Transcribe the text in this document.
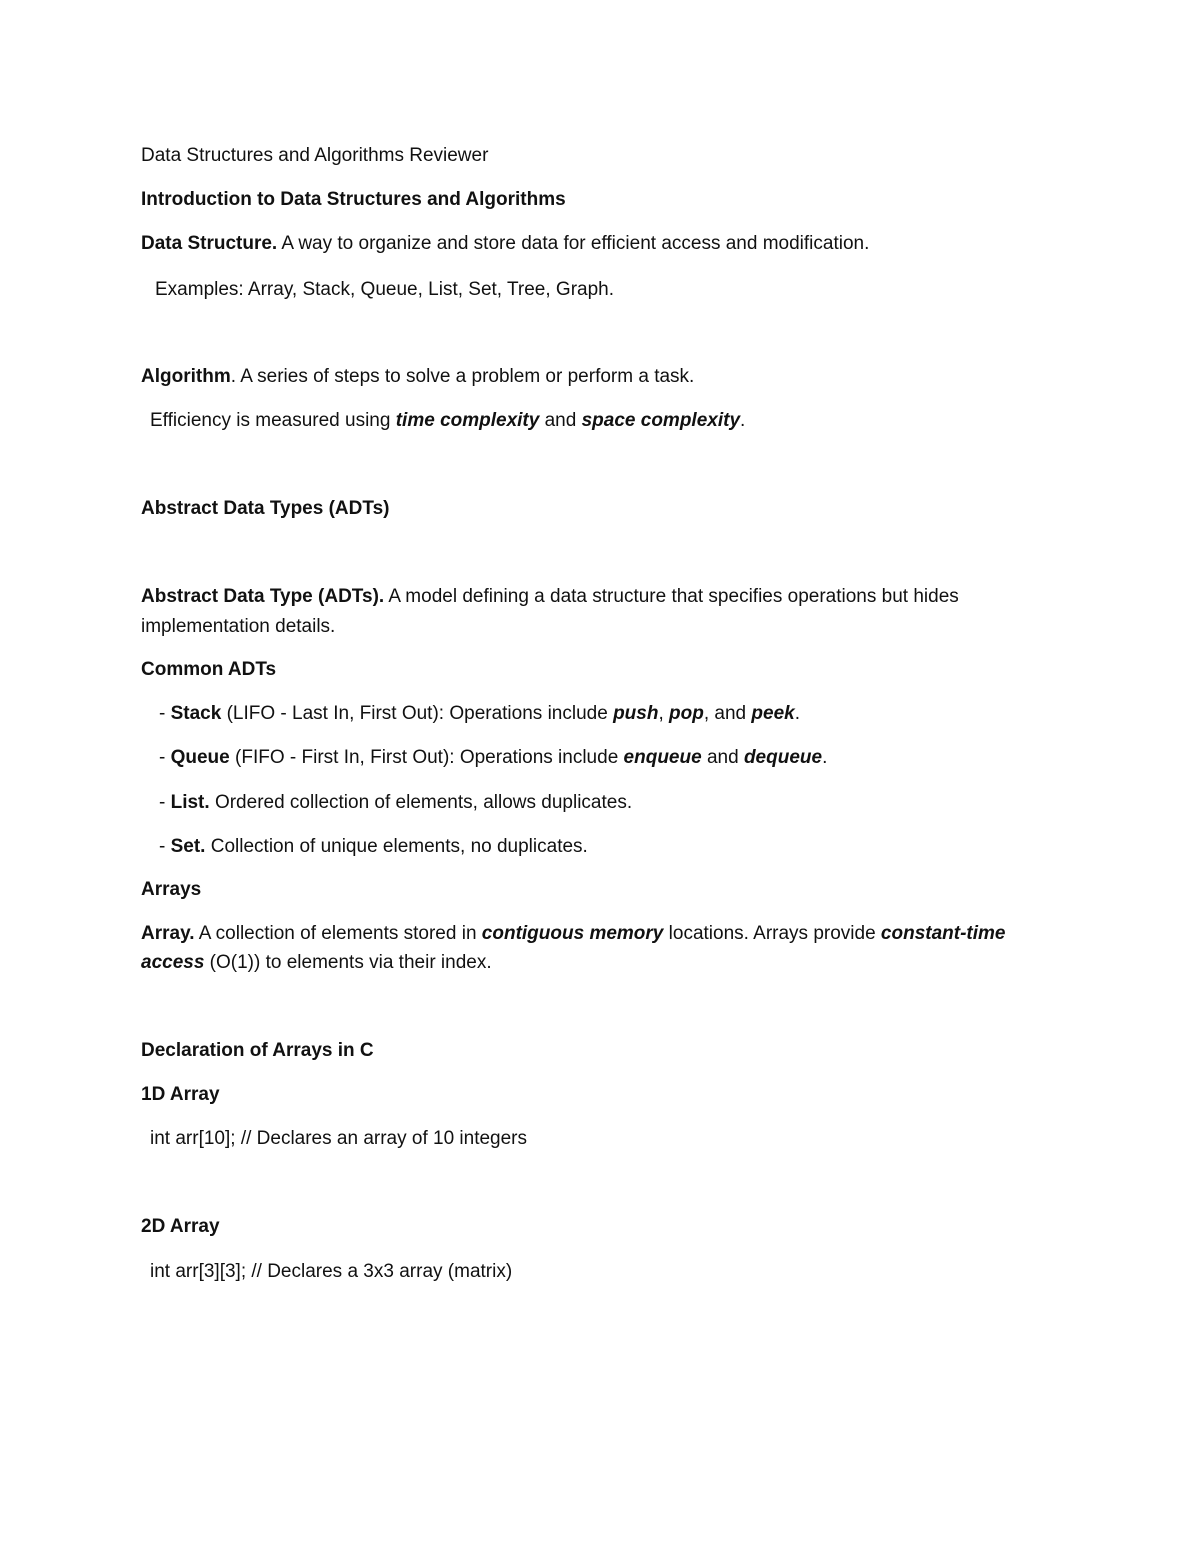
Data Structures and Algorithms Reviewer
Introduction to Data Structures and Algorithms
Data Structure. A way to organize and store data for efficient access and modification.
Examples: Array, Stack, Queue, List, Set, Tree, Graph.
Algorithm. A series of steps to solve a problem or perform a task.
Efficiency is measured using time complexity and space complexity.
Abstract Data Types (ADTs)
Abstract Data Type (ADTs). A model defining a data structure that specifies operations but hides
implementation details.
Common ADTs
- Stack (LIFO - Last In, First Out): Operations include push, pop, and peek.
- Queue (FIFO - First In, First Out): Operations include enqueue and dequeue.
- List. Ordered collection of elements, allows duplicates.
- Set. Collection of unique elements, no duplicates.
Arrays
Array. A collection of elements stored in contiguous memory locations. Arrays provide constant-time
access (O(1)) to elements via their index.
Declaration of Arrays in C
1D Array
int arr[10]; // Declares an array of 10 integers
2D Array
int arr[3][3]; // Declares a 3x3 array (matrix)
